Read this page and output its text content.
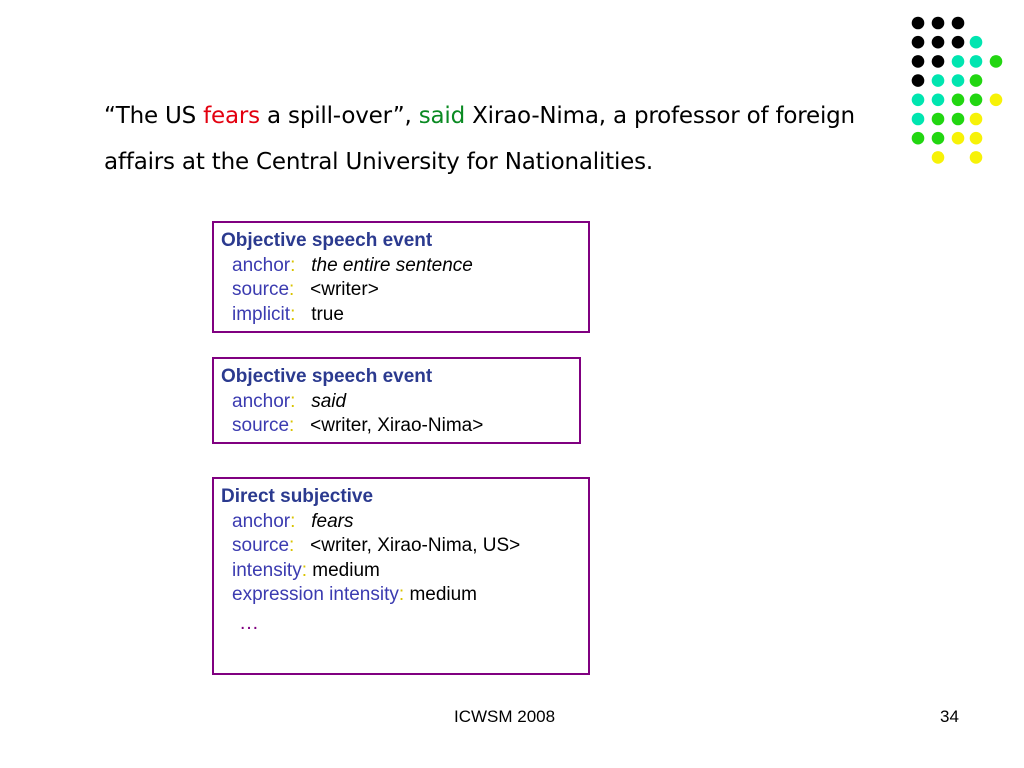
“The US fears a spill-over”, said Xirao-Nima, a professor of foreign affairs at the Central University for Nationalities.
Objective speech event
anchor: the entire sentence
source: <writer>
implicit: true
Objective speech event
anchor: said
source: <writer, Xirao-Nima>
Direct subjective
anchor: fears
source: <writer, Xirao-Nima, US>
intensity: medium
expression intensity: medium
…
ICWSM 2008	34
